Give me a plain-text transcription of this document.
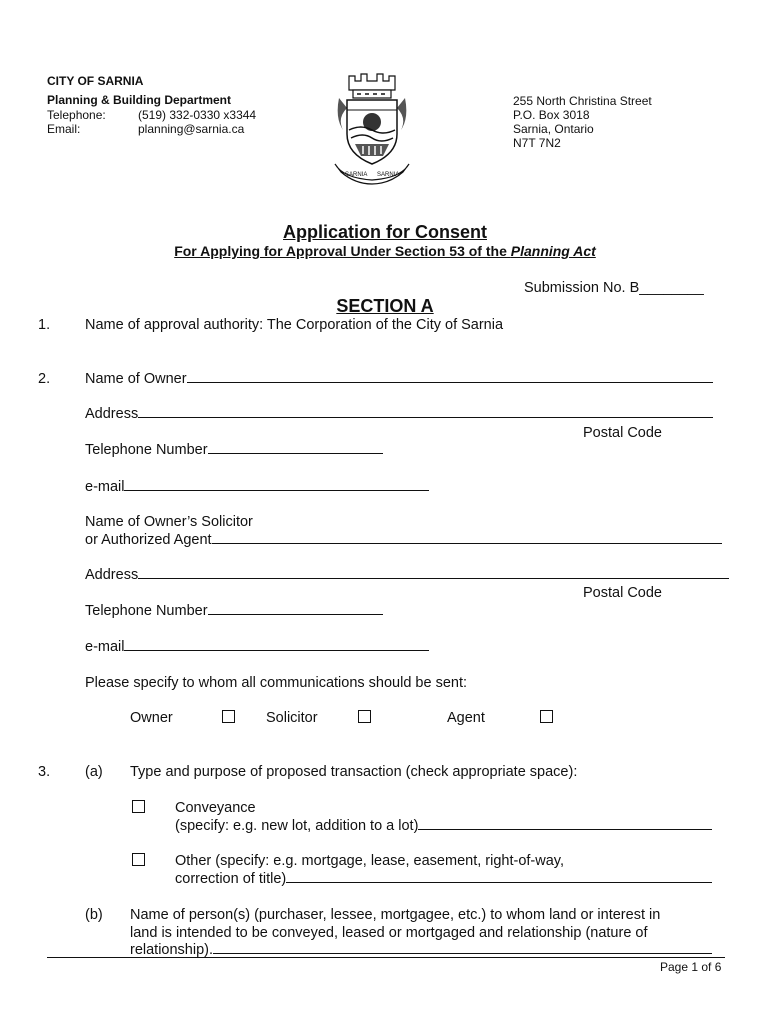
CITY OF SARNIA
Planning & Building Department
Telephone:	(519) 332-0330 x3344
Email:	planning@sarnia.ca
SARNIA SARNIA
255 North Christina Street
P.O. Box 3018
Sarnia, Ontario
N7T 7N2
Application for Consent
For Applying for Approval Under Section 53 of the Planning Act
Submission No. B________
SECTION A
1. Name of approval authority: The Corporation of the City of Sarnia
2. Name of Owner
Address
Postal Code
Telephone Number
e-mail
Name of Owner’s Solicitor
or Authorized Agent
Address
Postal Code
Telephone Number
e-mail
Please specify to whom all communications should be sent:
Owner	Solicitor	Agent
3. (a) Type and purpose of proposed transaction (check appropriate space):
Conveyance
(specify: e.g. new lot, addition to a lot)
Other (specify: e.g. mortgage, lease, easement, right-of-way,
correction of title)
(b) Name of person(s) (purchaser, lessee, mortgagee, etc.) to whom land or interest in
land is intended to be conveyed, leased or mortgaged and relationship (nature of
relationship).
Page 1 of 6
